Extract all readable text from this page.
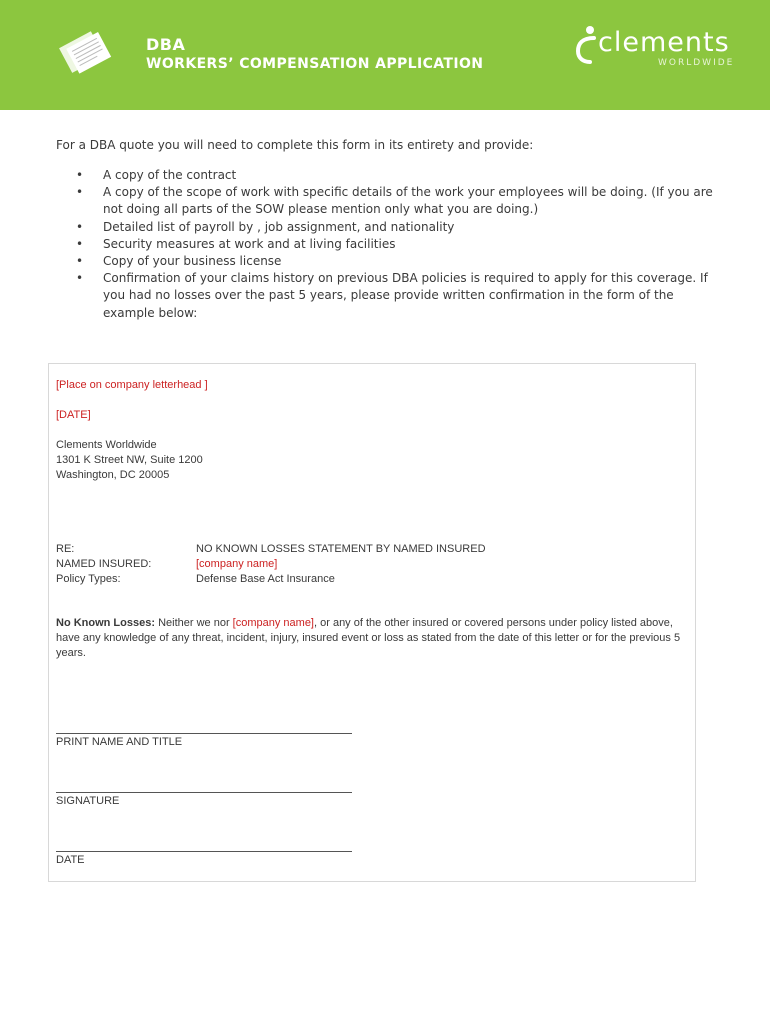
DBA
WORKERS’ COMPENSATION APPLICATION
clements
WORLDWIDE
For a DBA quote you will need to complete this form in its entirety and provide:
• A copy of the contract
• A copy of the scope of work with specific details of the work your employees will be doing. (If you are not doing all parts of the SOW please mention only what you are doing.)
• Detailed list of payroll by , job assignment, and nationality
• Security measures at work and at living facilities
• Copy of your business license
• Confirmation of your claims history on previous DBA policies is required to apply for this coverage. If you had no losses over the past 5 years, please provide written confirmation in the form of the example below:
[Place on company letterhead ]
[DATE]
Clements Worldwide
1301 K Street NW, Suite 1200
Washington, DC 20005
RE:	NO KNOWN LOSSES STATEMENT BY NAMED INSURED
NAMED INSURED:	[company name]
Policy Types:	Defense Base Act Insurance
No Known Losses: Neither we nor [company name], or any of the other insured or covered persons under policy listed above, have any knowledge of any threat, incident, injury, insured event or loss as stated from the date of this letter or for the previous 5 years.
PRINT NAME AND TITLE
SIGNATURE
DATE
